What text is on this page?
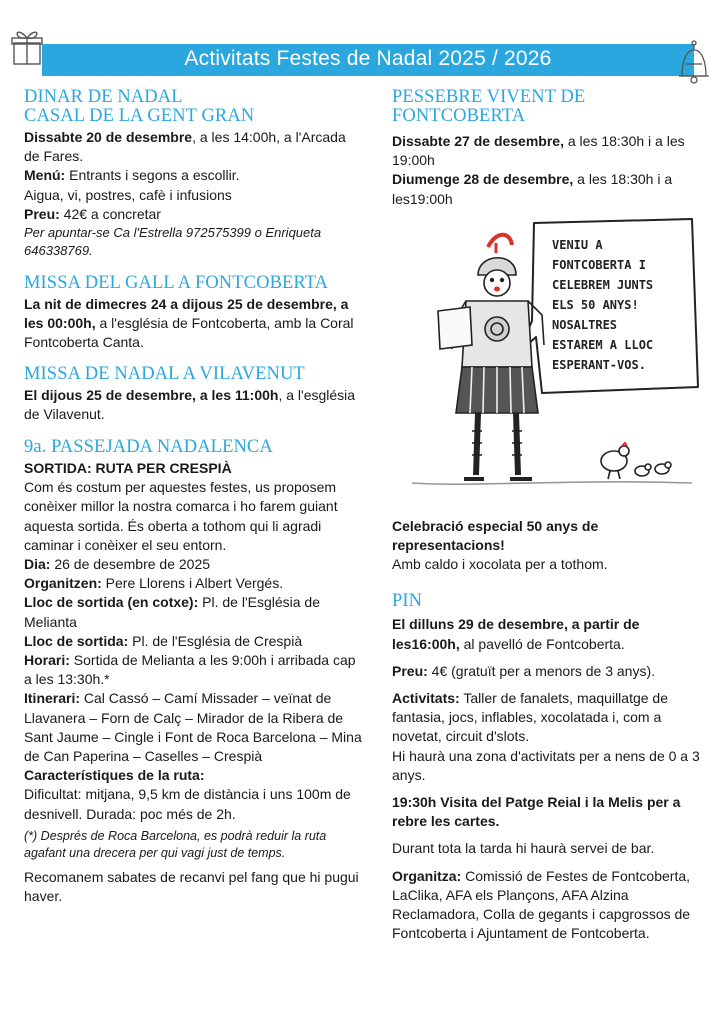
Activitats Festes de Nadal 2025 / 2026
DINAR DE NADAL
CASAL DE LA GENT GRAN

Dissabte 20 de desembre, a les 14:00h, a l'Arcada de Fares.

Menú: Entrants i segons a escollir.

Aigua, vi, postres, cafè i infusions

Preu: 42€ a concretar

Per apuntar-se Ca l'Estrella 972575399 o Enriqueta 646338769.

MISSA DEL GALL A FONTCOBERTA

La nit de dimecres 24 a dijous 25 de desembre, a les 00:00h, a l'església de Fontcoberta, amb la Coral Fontcoberta Canta.

MISSA DE NADAL A VILAVENUT

El dijous 25 de desembre, a les 11:00h, a l'església de Vilavenut.

9a. PASSEJADA NADALENCA

SORTIDA: RUTA PER CRESPIÀ

Com és costum per aquestes festes, us proposem conèixer millor la nostra comarca i ho farem guiant aquesta sortida. És oberta a tothom qui li agradi caminar i conèixer el seu entorn.

Dia: 26 de desembre de 2025

Organitzen: Pere Llorens i Albert Vergés.

Lloc de sortida (en cotxe): Pl. de l'Església de Melianta

Lloc de sortida: Pl. de l'Església de Crespià

Horari: Sortida de Melianta a les 9:00h i arribada cap a les 13:30h.*

Itinerari: Cal Cassó – Camí Missader – veïnat de Llavanera – Forn de Calç – Mirador de la Ribera de Sant Jaume – Cingle i Font de Roca Barcelona – Mina de Can Paperina – Caselles – Crespià

Característiques de la ruta:

Dificultat: mitjana, 9,5 km de distància i uns 100m de desnivell. Durada: poc més de 2h.

(*) Després de Roca Barcelona, es podrà reduir la ruta agafant una drecera per qui vagi just de temps.

Recomanem sabates de recanvi pel fang que hi pugui haver.

PESSEBRE VIVENT DE
FONTCOBERTA

Dissabte 27 de desembre, a les 18:30h i a les 19:00h

Diumenge 28 de desembre, a les 18:30h i a les19:00h

VENIU A
FONTCOBERTA I
CELEBREM JUNTS
ELS 50 ANYS!
NOSALTRES
ESTAREM A LLOC
ESPERANT-VOS.

Celebració especial 50 anys de representacions!

Amb caldo i xocolata per a tothom.

PIN

El dilluns 29 de desembre, a partir de les16:00h, al pavelló de Fontcoberta.

Preu: 4€ (gratuït per a menors de 3 anys).

Activitats: Taller de fanalets, maquillatge de fantasia, jocs, inflables, xocolatada i, com a novetat, circuit d'slots.

Hi haurà una zona d'activitats per a nens de 0 a 3 anys.

19:30h Visita del Patge Reial i la Melis per a rebre les cartes.

Durant tota la tarda hi haurà servei de bar.

Organitza: Comissió de Festes de Fontcoberta, LaClika, AFA els Plançons, AFA Alzina Reclamadora, Colla de gegants i capgrossos de Fontcoberta i Ajuntament de Fontcoberta.
